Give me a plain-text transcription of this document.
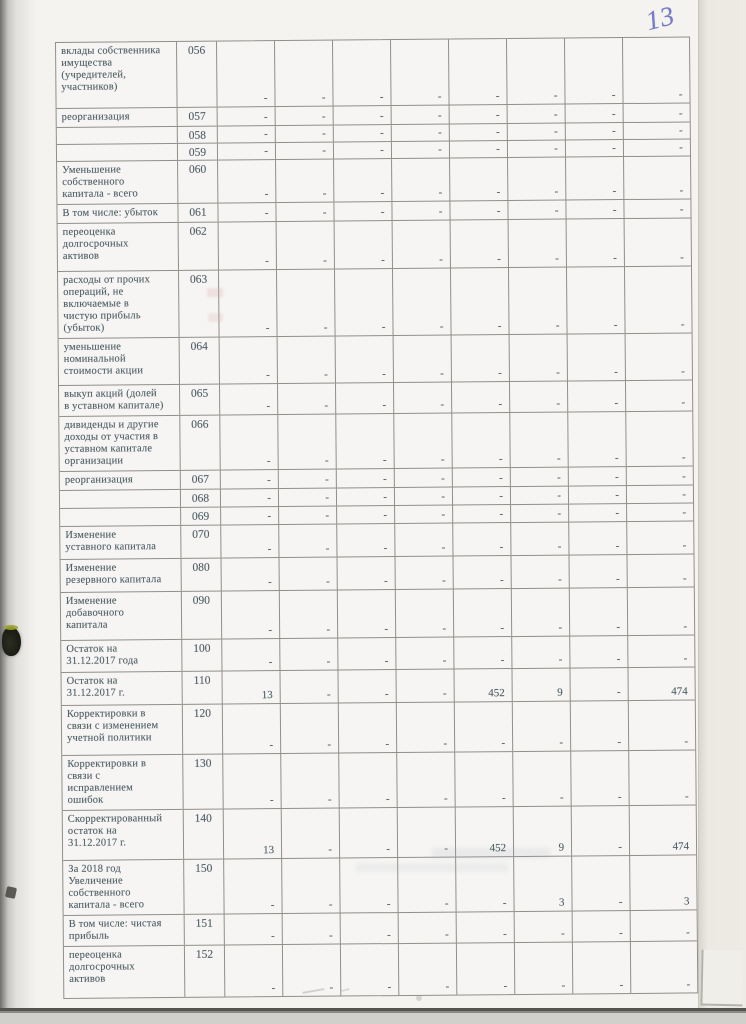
13
вклады собственника
имущества
(учредителей,
участников)
056
-	-	-	-	-	-	-	-
реорганизация	057	-	-	-	-	-	-	-	-
058	-	-	-	-	-	-	-	-
059	-	-	-	-	-	-	-	-
Уменьшение
собственного
капитала - всего
060
-	-	-	-	-	-	-	-
В том числе: убыток	061	-	-	-	-	-	-	-	-
переоценка
долгосрочных
активов
062
-	-	-	-	-	-	-	-
расходы от прочих
операций, не
включаемые в
чистую прибыль
(убыток)
063
-	-	-	-	-	-	-	-
уменьшение
номинальной
стоимости акции
064
-	-	-	-	-	-	-	-
выкуп акций (долей
в уставном капитале)
065
-	-	-	-	-	-	-	-
дивиденды и другие
доходы от участия в
уставном капитале
организации
066
-	-	-	-	-	-	-	-
реорганизация	067	-	-	-	-	-	-	-	-
068	-	-	-	-	-	-	-	-
069	-	-	-	-	-	-	-	-
Изменение
уставного капитала
070
-	-	-	-	-	-	-	-
Изменение
резервного капитала
080
-	-	-	-	-	-	-	-
Изменение
добавочного
капитала
090
-	-	-	-	-	-	-	-
Остаток на
31.12.2017 года
100
-	-	-	-	-	-	-	-
Остаток на
31.12.2017 г.
110
13	-	-	-	452	9	-	474
Корректировки в
связи с изменением
учетной политики
120
-	-	-	-	-	-	-	-
Корректировки в
связи с
исправлением
ошибок
130
-	-	-	-	-	-	-	-
Скорректированный
остаток на
31.12.2017 г.
140
13	-	-	-	452	9	-	474
За 2018 год
Увеличение
собственного
капитала - всего
150
-	-	-	-	-	3	-	3
В том числе: чистая
прибыль
151
-	-	-	-	-	-	-	-
переоценка
долгосрочных
активов
152
-	-	-	-	-	-	-	-
